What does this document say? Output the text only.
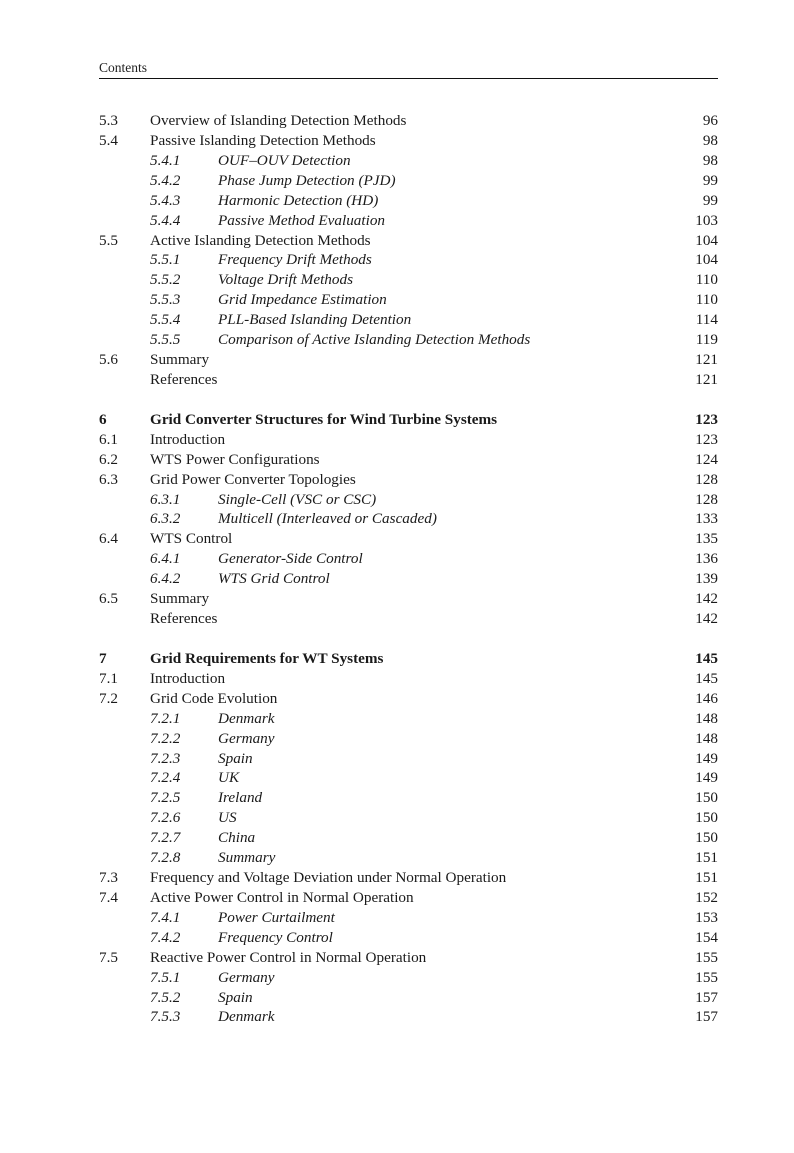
Contents
5.3 Overview of Islanding Detection Methods	96
5.4 Passive Islanding Detection Methods	98
5.4.1 OUF–OUV Detection	98
5.4.2 Phase Jump Detection (PJD)	99
5.4.3 Harmonic Detection (HD)	99
5.4.4 Passive Method Evaluation	103
5.5 Active Islanding Detection Methods	104
5.5.1 Frequency Drift Methods	104
5.5.2 Voltage Drift Methods	110
5.5.3 Grid Impedance Estimation	110
5.5.4 PLL-Based Islanding Detention	114
5.5.5 Comparison of Active Islanding Detection Methods	119
5.6 Summary	121
References	121
6	Grid Converter Structures for Wind Turbine Systems	123
6.1 Introduction	123
6.2 WTS Power Configurations	124
6.3 Grid Power Converter Topologies	128
6.3.1 Single-Cell (VSC or CSC)	128
6.3.2 Multicell (Interleaved or Cascaded)	133
6.4 WTS Control	135
6.4.1 Generator-Side Control	136
6.4.2 WTS Grid Control	139
6.5 Summary	142
References	142
7	Grid Requirements for WT Systems	145
7.1 Introduction	145
7.2 Grid Code Evolution	146
7.2.1 Denmark	148
7.2.2 Germany	148
7.2.3 Spain	149
7.2.4 UK	149
7.2.5 Ireland	150
7.2.6 US	150
7.2.7 China	150
7.2.8 Summary	151
7.3 Frequency and Voltage Deviation under Normal Operation	151
7.4 Active Power Control in Normal Operation	152
7.4.1 Power Curtailment	153
7.4.2 Frequency Control	154
7.5 Reactive Power Control in Normal Operation	155
7.5.1 Germany	155
7.5.2 Spain	157
7.5.3 Denmark	157
